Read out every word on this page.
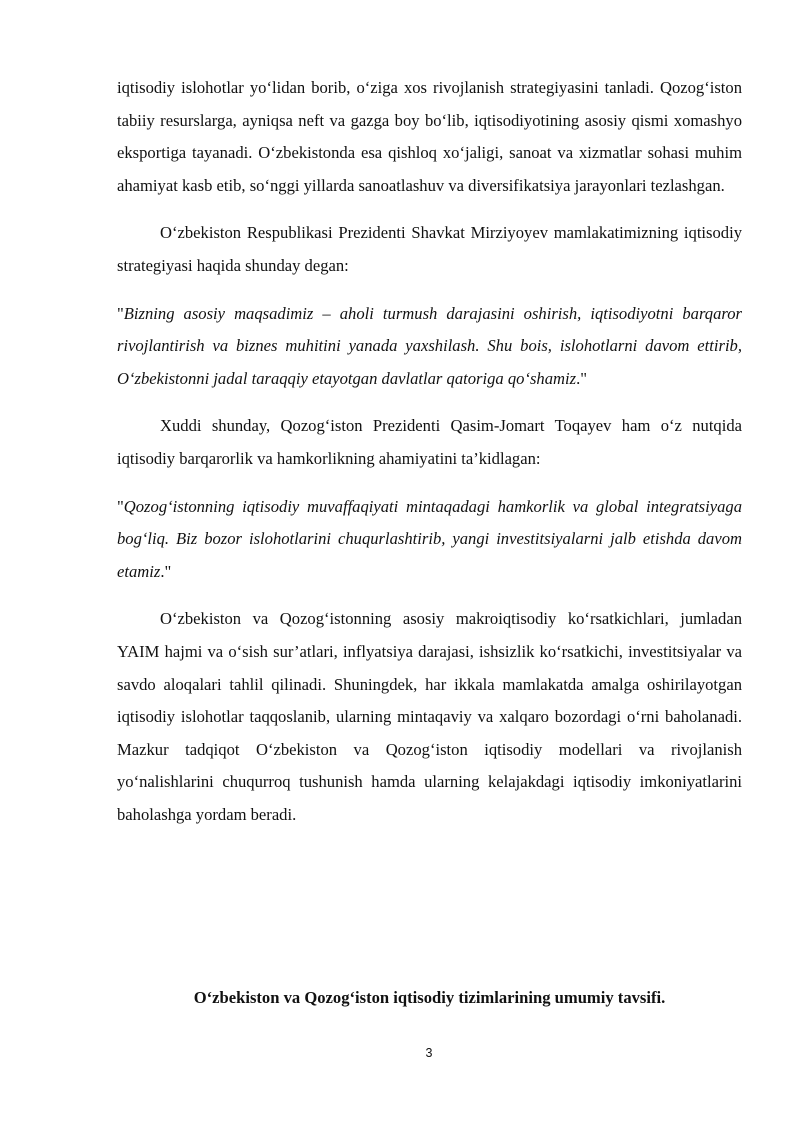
iqtisodiy islohotlar yo‘lidan borib, o‘ziga xos rivojlanish strategiyasini tanladi. Qozog‘iston tabiiy resurslarga, ayniqsa neft va gazga boy bo‘lib, iqtisodiyotining asosiy qismi xomashyo eksportiga tayanadi. O‘zbekistonda esa qishloq xo‘jaligi, sanoat va xizmatlar sohasi muhim ahamiyat kasb etib, so‘nggi yillarda sanoatlashuv va diversifikatsiya jarayonlari tezlashgan.

O‘zbekiston Respublikasi Prezidenti Shavkat Mirziyoyev mamlakatimizning iqtisodiy strategiyasi haqida shunday degan:

"Bizning asosiy maqsadimiz – aholi turmush darajasini oshirish, iqtisodiyotni barqaror rivojlantirish va biznes muhitini yanada yaxshilash. Shu bois, islohotlarni davom ettirib, O‘zbekistonni jadal taraqqiy etayotgan davlatlar qatoriga qo‘shamiz."

Xuddi shunday, Qozog‘iston Prezidenti Qasim-Jomart Toqayev ham o‘z nutqida iqtisodiy barqarorlik va hamkorlikning ahamiyatini ta’kidlagan:

"Qozog‘istonning iqtisodiy muvaffaqiyati mintaqadagi hamkorlik va global integratsiyaga bog‘liq. Biz bozor islohotlarini chuqurlashtirib, yangi investitsiyalarni jalb etishda davom etamiz."

O‘zbekiston va Qozog‘istonning asosiy makroiqtisodiy ko‘rsatkichlari, jumladan YAIM hajmi va o‘sish sur’atlari, inflyatsiya darajasi, ishsizlik ko‘rsatkichi, investitsiyalar va savdo aloqalari tahlil qilinadi. Shuningdek, har ikkala mamlakatda amalga oshirilayotgan iqtisodiy islohotlar taqqoslanib, ularning mintaqaviy va xalqaro bozordagi o‘rni baholanadi. Mazkur tadqiqot O‘zbekiston va Qozog‘iston iqtisodiy modellari va rivojlanish yo‘nalishlarini chuqurroq tushunish hamda ularning kelajakdagi iqtisodiy imkoniyatlarini baholashga yordam beradi.

O‘zbekiston va Qozog‘iston iqtisodiy tizimlarining umumiy tavsifi.
3
